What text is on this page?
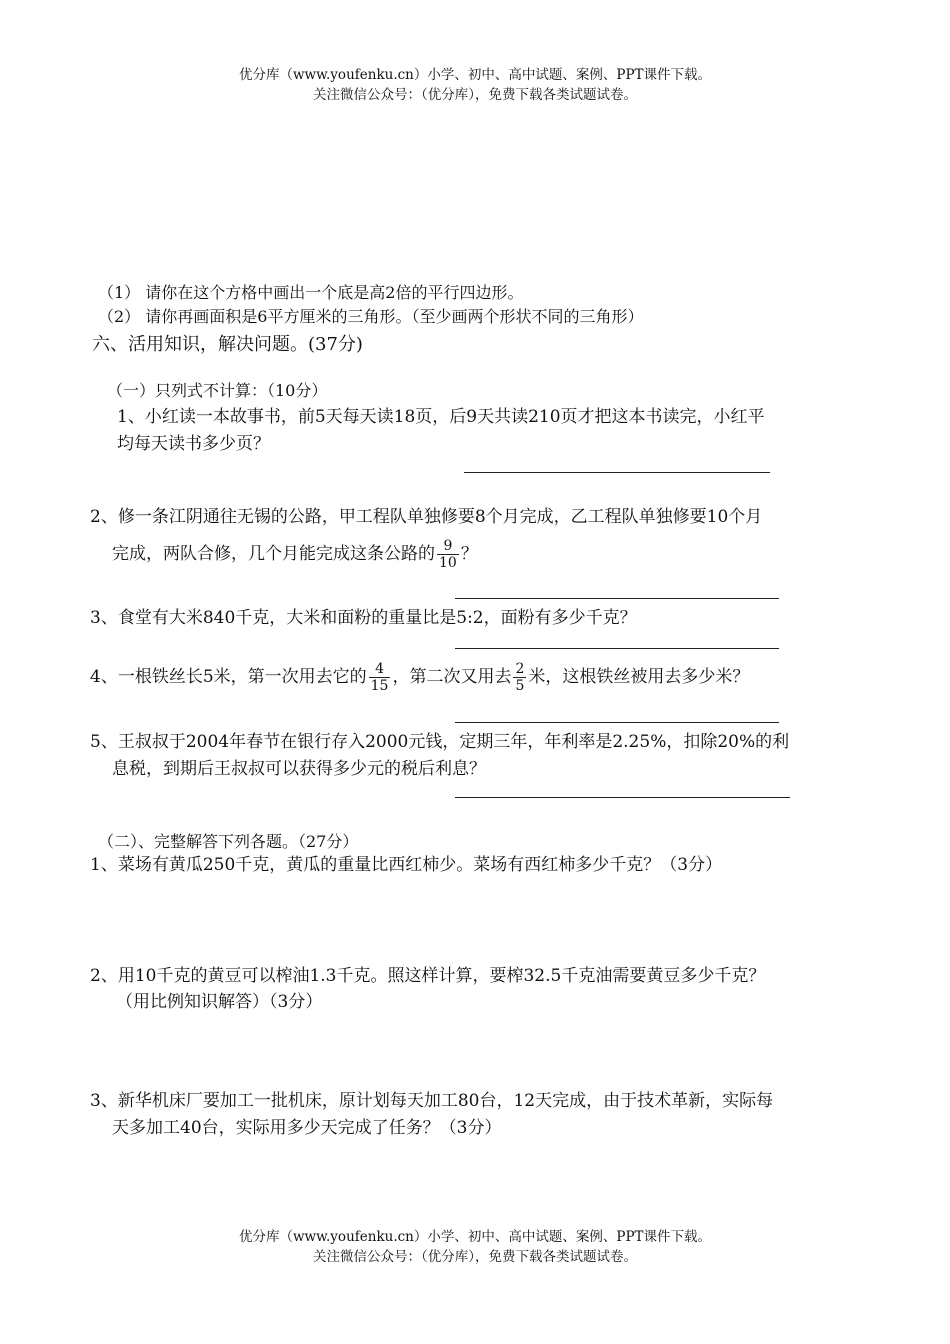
优分库（www.youfenku.cn）小学、初中、高中试题、案例、PPT课件下载。
关注微信公众号：（优分库），免费下载各类试题试卷。
（1） 请你在这个方格中画出一个底是高2倍的平行四边形。
（2） 请你再画面积是6平方厘米的三角形。（至少画两个形状不同的三角形）
六、活用知识，解决问题。(37分)
（一）只列式不计算：（10分）
1、小红读一本故事书，前5天每天读18页，后9天共读210页才把这本书读完，小红平
均每天读书多少页？
2、修一条江阴通往无锡的公路，甲工程队单独修要8个月完成，乙工程队单独修要10个月
完成，两队合修，几个月能完成这条公路的 $\frac{9}{10}$ ？
3、食堂有大米840千克，大米和面粉的重量比是5:2，面粉有多少千克？
4、一根铁丝长5米，第一次用去它的 $\frac{4}{15}$ ，第二次又用去 $\frac{2}{5}$ 米，这根铁丝被用去多少米？
5、王叔叔于2004年春节在银行存入2000元钱，定期三年，年利率是2.25%，扣除20%的利
息税，到期后王叔叔可以获得多少元的税后利息？
（二）、完整解答下列各题。（27分）
1、菜场有黄瓜250千克，黄瓜的重量比西红柿少。菜场有西红柿多少千克？（3分）
2、用10千克的黄豆可以榨油1.3千克。照这样计算，要榨32.5千克油需要黄豆多少千克？
（用比例知识解答）（3分）
3、新华机床厂要加工一批机床，原计划每天加工80台，12天完成，由于技术革新，实际每
天多加工40台，实际用多少天完成了任务？（3分）
优分库（www.youfenku.cn）小学、初中、高中试题、案例、PPT课件下载。
关注微信公众号：（优分库），免费下载各类试题试卷。
